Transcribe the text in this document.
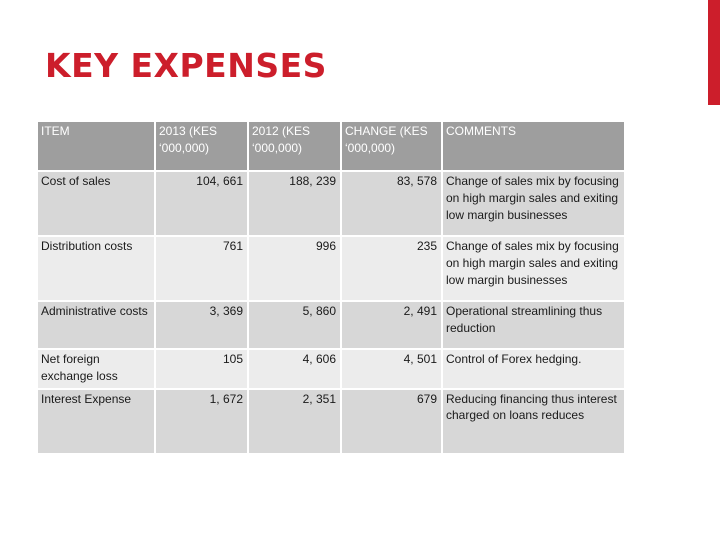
KEY EXPENSES
ITEM	2013 (KES ‘000,000)	2012 (KES ‘000,000)	CHANGE (KES ‘000,000)	COMMENTS
Cost of sales	104, 661	188, 239	83, 578	Change of sales mix by focusing on high margin sales and exiting low margin businesses
Distribution costs	761	996	235	Change of sales mix by focusing on high margin sales and exiting low margin businesses
Administrative costs	3, 369	5, 860	2, 491	Operational streamlining thus reduction
Net foreign exchange loss	105	4, 606	4, 501	Control of Forex hedging.
Interest Expense	1, 672	2, 351	679	Reducing financing thus interest charged on loans reduces
